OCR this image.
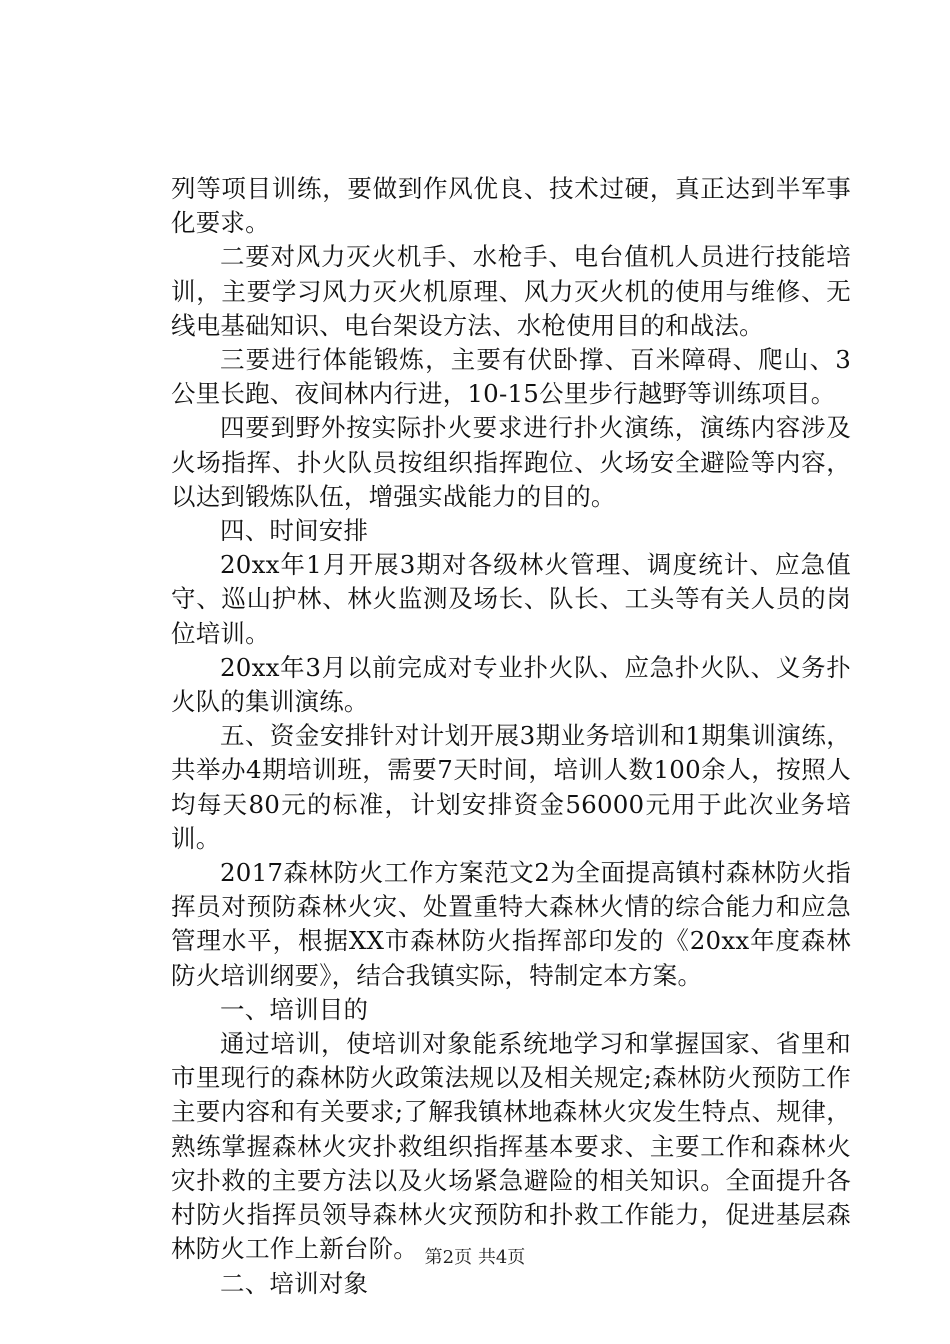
列等项目训练，要做到作风优良、技术过硬，真正达到半军事化要求。

二要对风力灭火机手、水枪手、电台值机人员进行技能培训，主要学习风力灭火机原理、风力灭火机的使用与维修、无线电基础知识、电台架设方法、水枪使用目的和战法。

三要进行体能锻炼，主要有伏卧撑、百米障碍、爬山、3公里长跑、夜间林内行进，10-15公里步行越野等训练项目。

四要到野外按实际扑火要求进行扑火演练，演练内容涉及火场指挥、扑火队员按组织指挥跑位、火场安全避险等内容，以达到锻炼队伍，增强实战能力的目的。

四、时间安排

20xx年1月开展3期对各级林火管理、调度统计、应急值守、巡山护林、林火监测及场长、队长、工头等有关人员的岗位培训。

20xx年3月以前完成对专业扑火队、应急扑火队、义务扑火队的集训演练。

五、资金安排针对计划开展3期业务培训和1期集训演练，共举办4期培训班，需要7天时间，培训人数100余人，按照人均每天80元的标准，计划安排资金56000元用于此次业务培训。

2017森林防火工作方案范文2为全面提高镇村森林防火指挥员对预防森林火灾、处置重特大森林火情的综合能力和应急管理水平，根据XX市森林防火指挥部印发的《20xx年度森林防火培训纲要》，结合我镇实际，特制定本方案。

一、培训目的

通过培训，使培训对象能系统地学习和掌握国家、省里和市里现行的森林防火政策法规以及相关规定;森林防火预防工作主要内容和有关要求;了解我镇林地森林火灾发生特点、规律，熟练掌握森林火灾扑救组织指挥基本要求、主要工作和森林火灾扑救的主要方法以及火场紧急避险的相关知识。全面提升各村防火指挥员领导森林火灾预防和扑救工作能力，促进基层森林防火工作上新台阶。

二、培训对象

第2页 共4页
